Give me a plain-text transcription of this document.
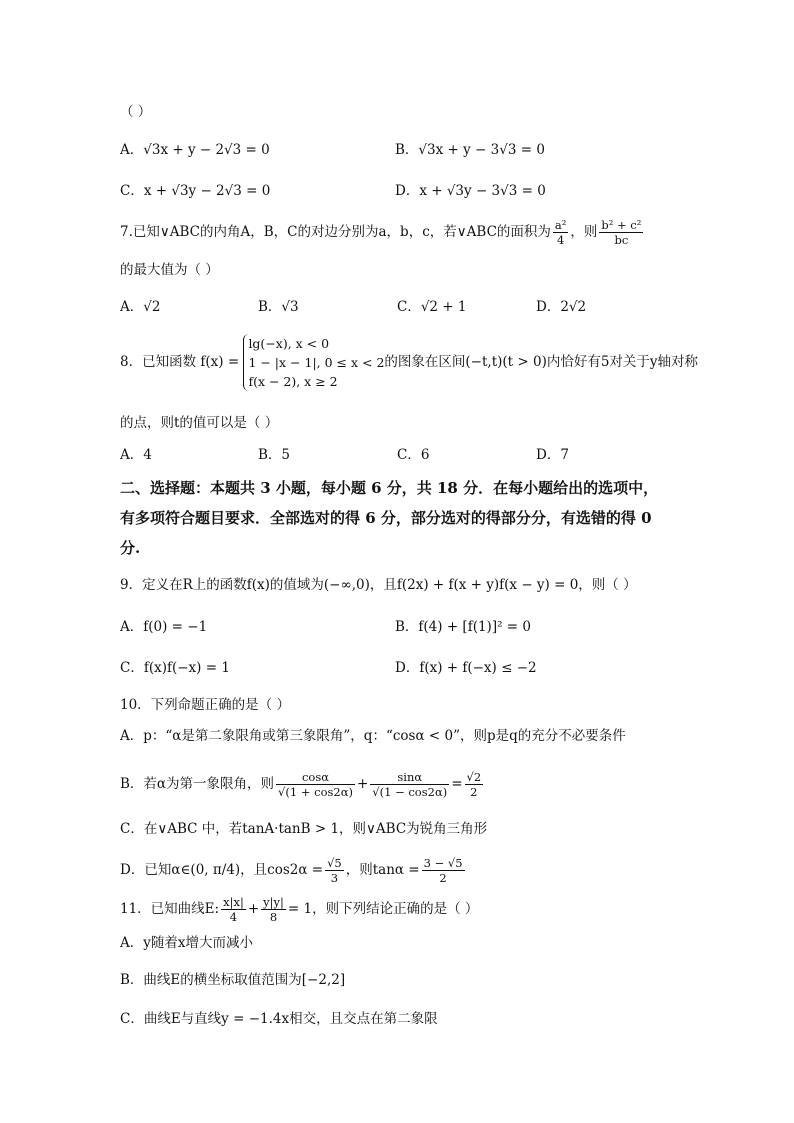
（ ）
A．√3x + y − 2√3 = 0	B．√3x + y − 3√3 = 0
C．x + √3y − 2√3 = 0	D．x + √3y − 3√3 = 0
7.已知∨ABC的内角A，B，C的对边分别为a，b，c，若∨ABC的面积为 $\frac{\text{a²}}{4}$ ，则 $\frac{\text{b² + c²}}{bc}$
的最大值为（ ）
A．√2	B．√3	C．√2 + 1	D．2√2
8．已知函数 f(x) =
lg(−x), x < 0
1 − |x − 1|, 0 ≤ x < 2
f(x − 2), x ≥ 2
的图象在区间(−t,t)(t > 0)内恰好有5对关于y轴对称
的点，则t的值可以是（ ）
A．4	B．5	C．6	D．7
二、选择题：本题共 3 小题，每小题 6 分，共 18 分．在每小题给出的选项中，
有多项符合题目要求．全部选对的得 6 分，部分选对的得部分分，有选错的得 0
分.
9．定义在R上的函数f(x)的值域为(−∞,0)，且f(2x) + f(x + y)f(x − y) = 0，则（ ）
A．f(0) = −1	B．f(4) + [f(1)]² = 0
C．f(x)f(−x) = 1	D．f(x) + f(−x) ≤ −2
10．下列命题正确的是（ ）
A．p：“α是第二象限角或第三象限角”，q：“cosα < 0”，则p是q的充分不必要条件
B．若α为第一象限角，则 $\frac{\cos\alpha}{√(1 + \cos 2\alpha)} + \frac{\sin\alpha}{√(1 - \cos 2\alpha)} = \frac{√2}{2}$
C．在∨ABC 中，若tanA·tanB > 1，则∨ABC为锐角三角形
D．已知α∈(0, π/4)，且$\cos 2\alpha = \frac{√5}{3}$ ，则$\tan\alpha = \frac{3 - √5}{2}$
11．已知曲线E: $\frac{x|x|}{4} + \frac{y|y|}{8} = 1$，则下列结论正确的是（ ）
A．y随着x增大而减小
B．曲线E的横坐标取值范围为[−2,2]
C．曲线E与直线y = −1.4x相交，且交点在第二象限
